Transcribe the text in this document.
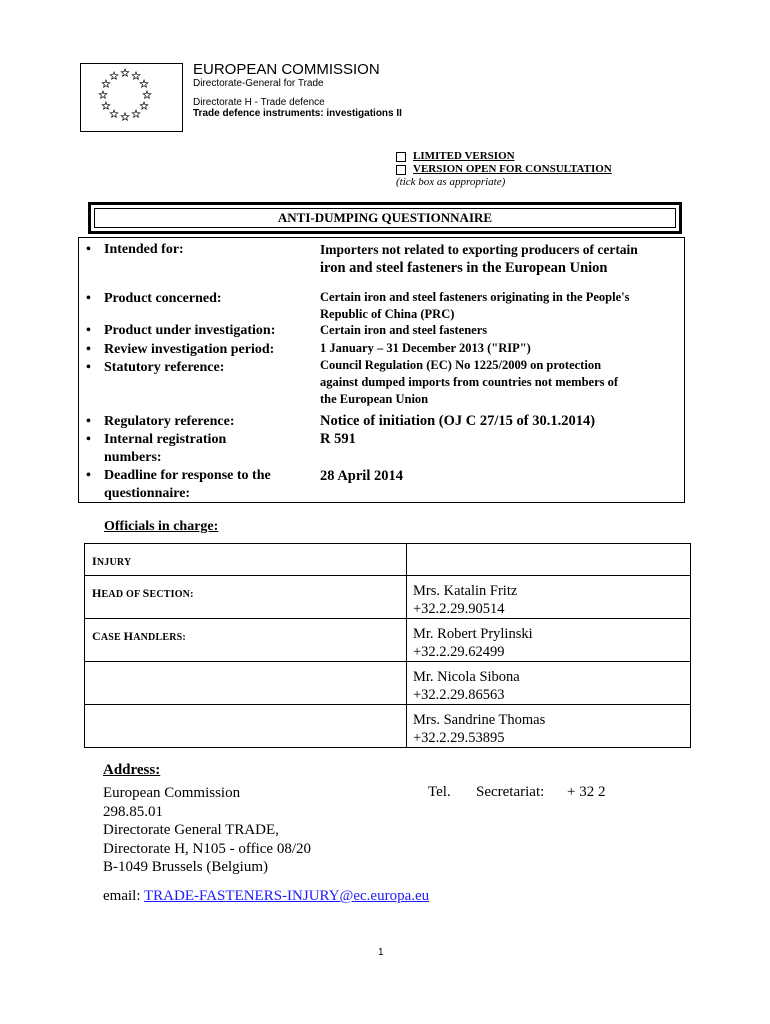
EUROPEAN COMMISSION
Directorate-General for Trade
Directorate H - Trade defence
Trade defence instruments: investigations II
LIMITED VERSION
VERSION OPEN FOR CONSULTATION
(tick box as appropriate)
ANTI-DUMPING QUESTIONNAIRE
• Intended for:	Importers not related to exporting producers of certain
iron and steel fasteners in the European Union
• Product concerned:	Certain iron and steel fasteners originating in the People's
Republic of China (PRC)
• Product under investigation:	Certain iron and steel fasteners
• Review investigation period:	1 January – 31 December 2013 ("RIP")
• Statutory reference:	Council Regulation (EC) No 1225/2009 on protection
against dumped imports from countries not members of
the European Union
• Regulatory reference:	Notice of initiation (OJ C 27/15 of 30.1.2014)
• Internal registration
numbers:
R 591
• Deadline for response to the
questionnaire:
28 April 2014
Officials in charge:
INJURY	

HEAD OF SECTION:	Mrs. Katalin Fritz
+32.2.29.90514

CASE HANDLERS:	Mr. Robert Prylinski
+32.2.29.62499

	Mr. Nicola Sibona
+32.2.29.86563

	Mrs. Sandrine Thomas
+32.2.29.53895
Address:
European Commission
298.85.01
Directorate General TRADE,
Directorate H, N105 - office 08/20
B-1049 Brussels (Belgium)
Tel. Secretariat: + 32 2
email: TRADE-FASTENERS-INJURY@ec.europa.eu
1
